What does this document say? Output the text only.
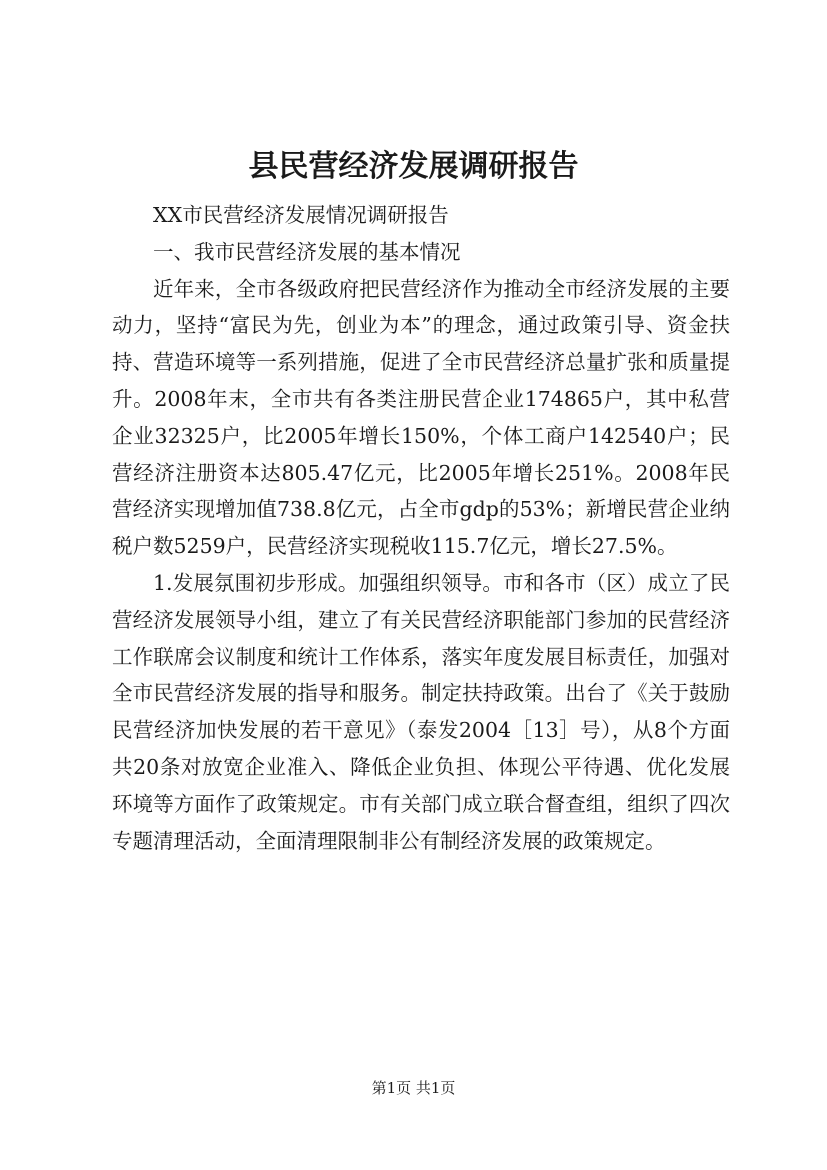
县民营经济发展调研报告

XX市民营经济发展情况调研报告

一、我市民营经济发展的基本情况

近年来，全市各级政府把民营经济作为推动全市经济发展的主要动力，坚持“富民为先，创业为本”的理念，通过政策引导、资金扶持、营造环境等一系列措施，促进了全市民营经济总量扩张和质量提升。2008年末，全市共有各类注册民营企业174865户，其中私营企业32325户，比2005年增长150%，个体工商户142540户；民营经济注册资本达805.47亿元，比2005年增长251%。2008年民营经济实现增加值738.8亿元，占全市gdp的53%；新增民营企业纳税户数5259户，民营经济实现税收115.7亿元，增长27.5%。

1.发展氛围初步形成。加强组织领导。市和各市（区）成立了民营经济发展领导小组，建立了有关民营经济职能部门参加的民营经济工作联席会议制度和统计工作体系，落实年度发展目标责任，加强对全市民营经济发展的指导和服务。制定扶持政策。出台了《关于鼓励民营经济加快发展的若干意见》（泰发2004［13］号），从8个方面共20条对放宽企业准入、降低企业负担、体现公平待遇、优化发展环境等方面作了政策规定。市有关部门成立联合督查组，组织了四次专题清理活动，全面清理限制非公有制经济发展的政策规定。

第1页 共1页
